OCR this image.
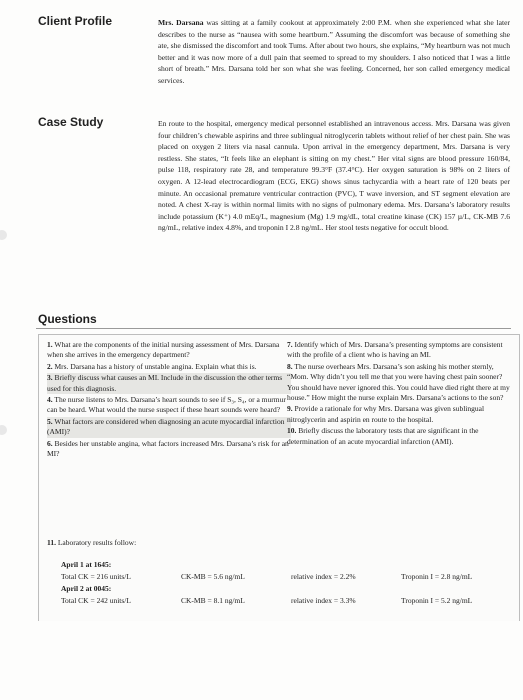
Client Profile	Mrs. Darsana was sitting at a family cookout at approximately 2:00 P.M. when she experienced what she later describes to the nurse as “nausea with some heartburn.” Assuming the discomfort was because of something she ate, she dismissed the discomfort and took Tums. After about two hours, she explains, “My heartburn was not much better and it was now more of a dull pain that seemed to spread to my shoulders. I also noticed that I was a little short of breath.” Mrs. Darsana told her son what she was feeling. Concerned, her son called emergency medical services.

Case Study	En route to the hospital, emergency medical personnel established an intravenous access. Mrs. Darsana was given four children’s chewable aspirins and three sublingual nitroglycerin tablets without relief of her chest pain. She was placed on oxygen 2 liters via nasal cannula. Upon arrival in the emergency department, Mrs. Darsana is very restless. She states, “It feels like an elephant is sitting on my chest.” Her vital signs are blood pressure 160/84, pulse 118, respiratory rate 28, and temperature 99.3°F (37.4°C). Her oxygen saturation is 98% on 2 liters of oxygen. A 12-lead electrocardiogram (ECG, EKG) shows sinus tachycardia with a heart rate of 120 beats per minute. An occasional premature ventricular contraction (PVC), T wave inversion, and ST segment elevation are noted. A chest X-ray is within normal limits with no signs of pulmonary edema. Mrs. Darsana’s laboratory results include potassium (K⁺) 4.0 mEq/L, magnesium (Mg) 1.9 mg/dL, total creatine kinase (CK) 157 µ/L, CK-MB 7.6 ng/mL, relative index 4.8%, and troponin I 2.8 ng/mL. Her stool tests negative for occult blood.
Questions

1. What are the components of the initial nursing assessment of Mrs. Darsana when she arrives in the emergency department?

2. Mrs. Darsana has a history of unstable angina. Explain what this is.

3. Briefly discuss what causes an MI. Include in the discussion the other terms used for this diagnosis.

4. The nurse listens to Mrs. Darsana’s heart sounds to see if S₃, S₄, or a murmur can be heard. What would the nurse suspect if these heart sounds were heard?

5. What factors are considered when diagnosing an acute myocardial infarction (AMI)?

6. Besides her unstable angina, what factors increased Mrs. Darsana’s risk for an MI?

7. Identify which of Mrs. Darsana’s presenting symptoms are consistent with the profile of a client who is having an MI.

8. The nurse overhears Mrs. Darsana’s son asking his mother sternly, “Mom. Why didn’t you tell me that you were having chest pain sooner? You should have never ignored this. You could have died right there at my house.” How might the nurse explain Mrs. Darsana’s actions to the son?

9. Provide a rationale for why Mrs. Darsana was given sublingual nitroglycerin and aspirin en route to the hospital.

10. Briefly discuss the laboratory tests that are significant in the determination of an acute myocardial infarction (AMI).

11. Laboratory results follow:
April 1 at 1645:
Total CK = 216 units/L	CK-MB = 5.6 ng/mL	relative index = 2.2%	Troponin I = 2.8 ng/mL
April 2 at 0045:
Total CK = 242 units/L	CK-MB = 8.1 ng/mL	relative index = 3.3%	Troponin I = 5.2 ng/mL
